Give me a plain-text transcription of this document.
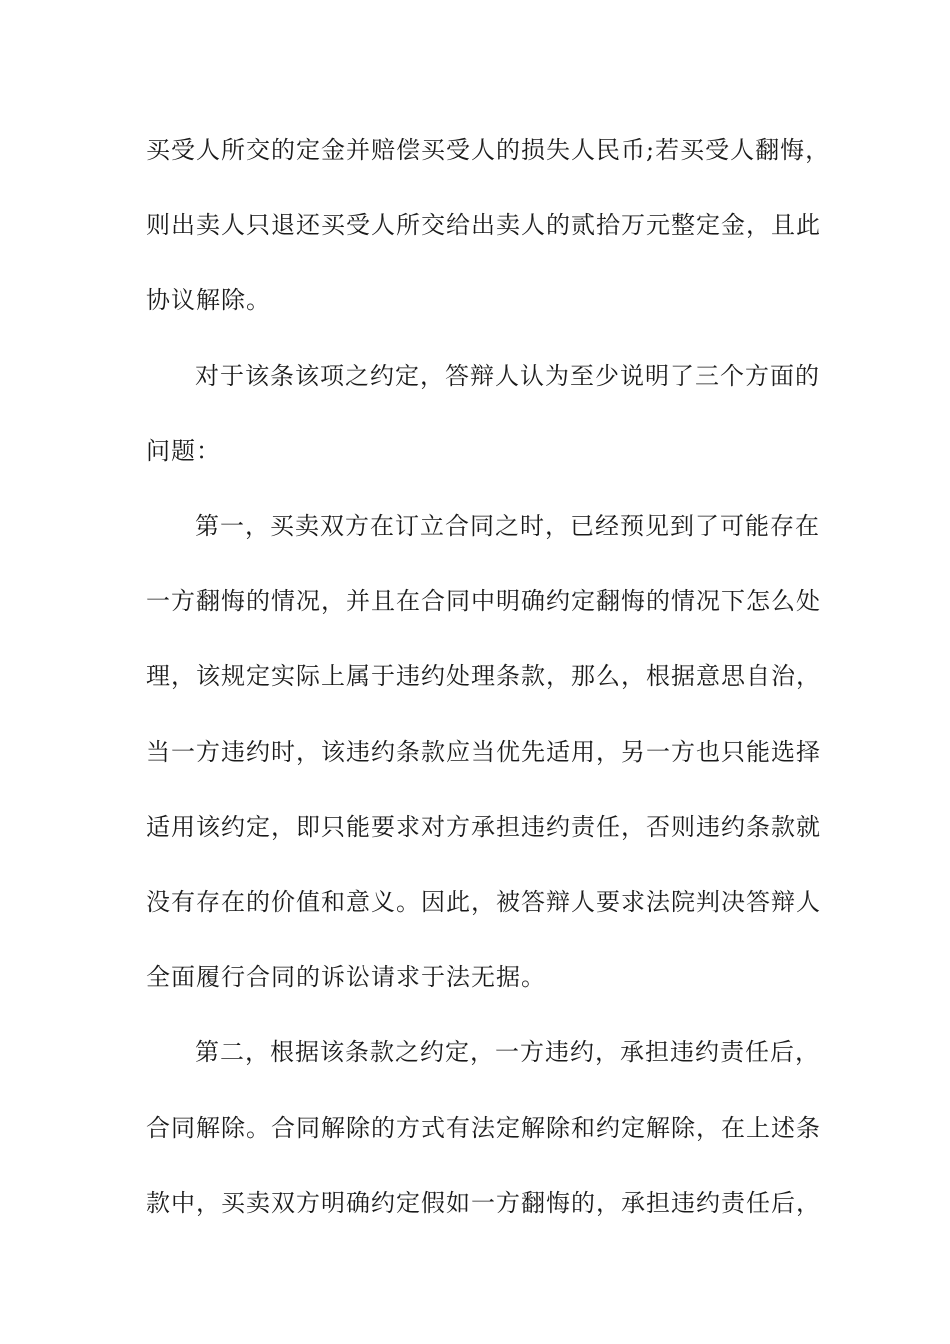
买受人所交的定金并赔偿买受人的损失人民币;若买受人翻悔，
则出卖人只退还买受人所交给出卖人的贰拾万元整定金，且此
协议解除。
对于该条该项之约定，答辩人认为至少说明了三个方面的
问题：
第一，买卖双方在订立合同之时，已经预见到了可能存在
一方翻悔的情况，并且在合同中明确约定翻悔的情况下怎么处
理，该规定实际上属于违约处理条款，那么，根据意思自治，
当一方违约时，该违约条款应当优先适用，另一方也只能选择
适用该约定，即只能要求对方承担违约责任，否则违约条款就
没有存在的价值和意义。因此，被答辩人要求法院判决答辩人
全面履行合同的诉讼请求于法无据。
第二，根据该条款之约定，一方违约，承担违约责任后，
合同解除。合同解除的方式有法定解除和约定解除，在上述条
款中，买卖双方明确约定假如一方翻悔的，承担违约责任后，
